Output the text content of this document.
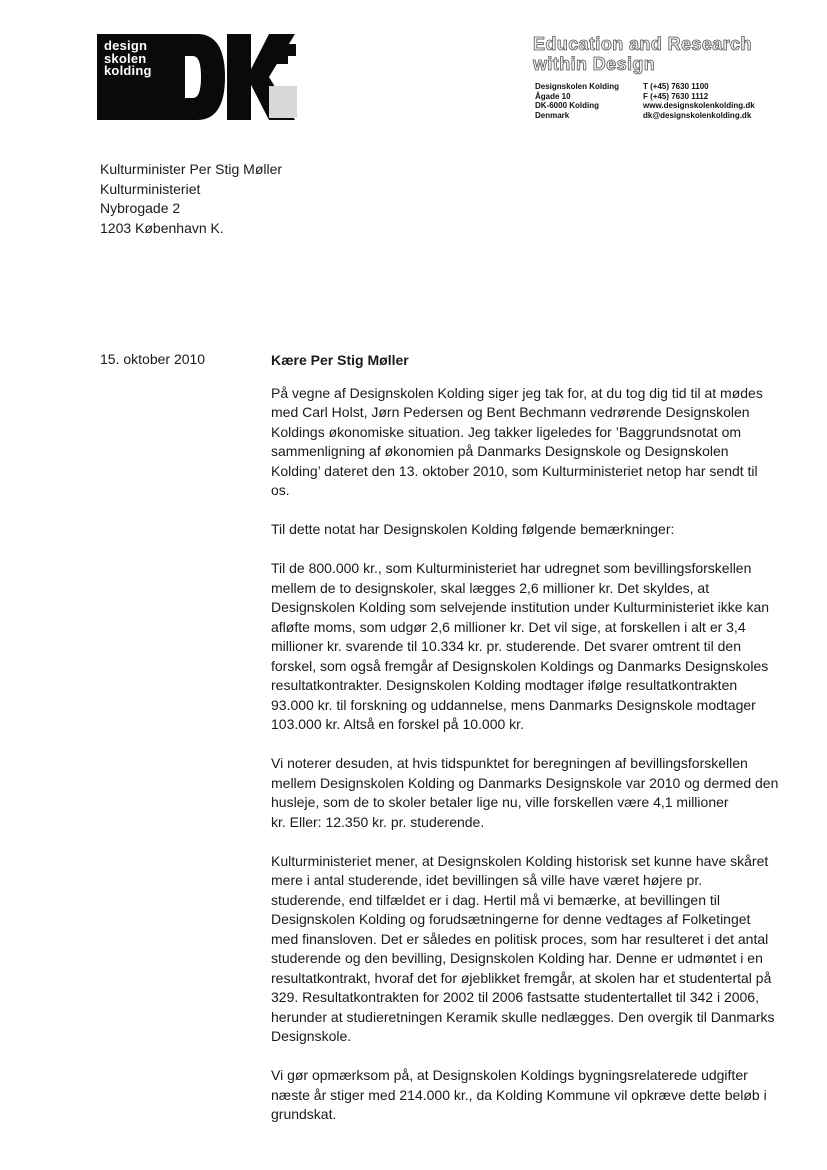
design
skolen
kolding
Education and Research
within Design
Designskolen Kolding
Ågade 10
DK-6000 Kolding
Denmark
T (+45) 7630 1100
F (+45) 7630 1112
www.designskolenkolding.dk
dk@designskolenkolding.dk
Kulturminister Per Stig Møller
Kulturministeriet
Nybrogade 2
1203 København K.
15. oktober 2010	Kære Per Stig Møller
På vegne af Designskolen Kolding siger jeg tak for, at du tog dig tid til at mødes
med Carl Holst, Jørn Pedersen og Bent Bechmann vedrørende Designskolen
Koldings økonomiske situation. Jeg takker ligeledes for ’Baggrundsnotat om
sammenligning af økonomien på Danmarks Designskole og Designskolen
Kolding’ dateret den 13. oktober 2010, som Kulturministeriet netop har sendt til
os.
Til dette notat har Designskolen Kolding følgende bemærkninger:
Til de 800.000 kr., som Kulturministeriet har udregnet som bevillingsforskellen
mellem de to designskoler, skal lægges 2,6 millioner kr. Det skyldes, at
Designskolen Kolding som selvejende institution under Kulturministeriet ikke kan
afløfte moms, som udgør 2,6 millioner kr. Det vil sige, at forskellen i alt er 3,4
millioner kr. svarende til 10.334 kr. pr. studerende. Det svarer omtrent til den
forskel, som også fremgår af Designskolen Koldings og Danmarks Designskoles
resultatkontrakter. Designskolen Kolding modtager ifølge resultatkontrakten
93.000 kr. til forskning og uddannelse, mens Danmarks Designskole modtager
103.000 kr. Altså en forskel på 10.000 kr.
Vi noterer desuden, at hvis tidspunktet for beregningen af bevillingsforskellen
mellem Designskolen Kolding og Danmarks Designskole var 2010 og dermed den
husleje, som de to skoler betaler lige nu, ville forskellen være 4,1 millioner
kr. Eller: 12.350 kr. pr. studerende.
Kulturministeriet mener, at Designskolen Kolding historisk set kunne have skåret
mere i antal studerende, idet bevillingen så ville have været højere pr.
studerende, end tilfældet er i dag. Hertil må vi bemærke, at bevillingen til
Designskolen Kolding og forudsætningerne for denne vedtages af Folketinget
med finansloven. Det er således en politisk proces, som har resulteret i det antal
studerende og den bevilling, Designskolen Kolding har. Denne er udmøntet i en
resultatkontrakt, hvoraf det for øjeblikket fremgår, at skolen har et studentertal på
329. Resultatkontrakten for 2002 til 2006 fastsatte studentertallet til 342 i 2006,
herunder at studieretningen Keramik skulle nedlægges. Den overgik til Danmarks
Designskole.
Vi gør opmærksom på, at Designskolen Koldings bygningsrelaterede udgifter
næste år stiger med 214.000 kr., da Kolding Kommune vil opkræve dette beløb i
grundskat.
